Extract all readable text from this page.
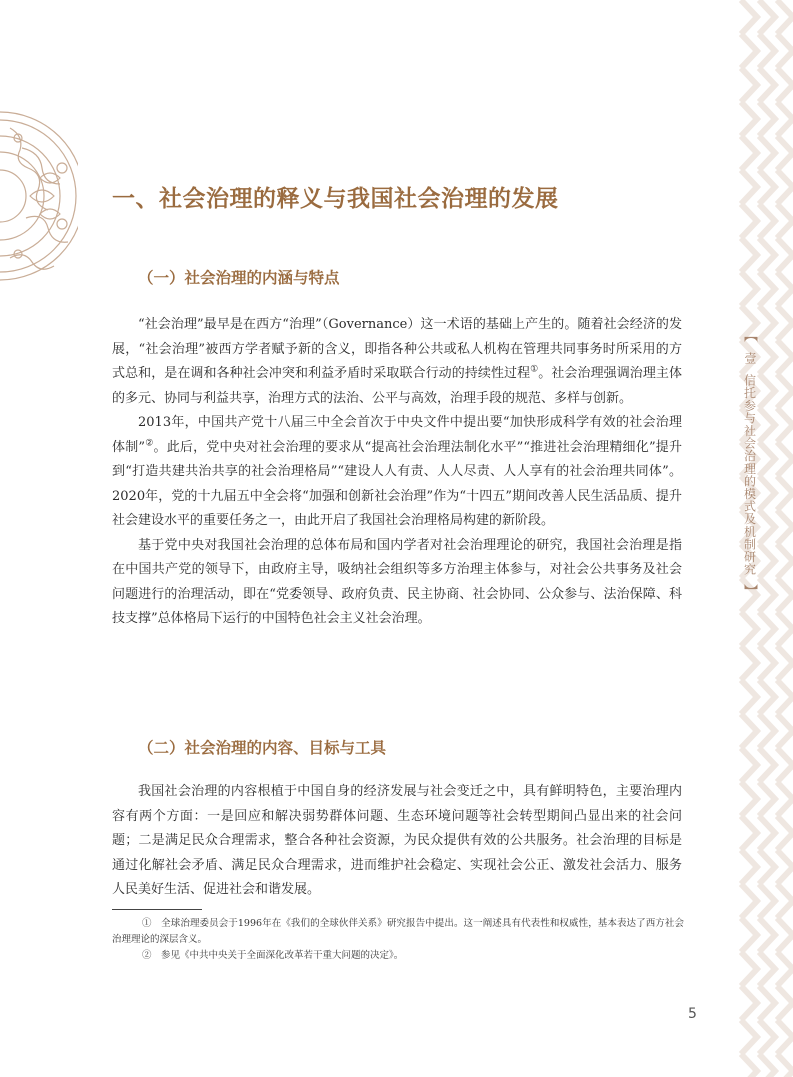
【
壹
信托参与社会治理的模式及机制研究
】
一、社会治理的释义与我国社会治理的发展
（一）社会治理的内涵与特点

“社会治理”最早是在西方“治理”（Governance）这一术语的基础上产生的。随着社会经济的发展，“社会治理”被西方学者赋予新的含义，即指各种公共或私人机构在管理共同事务时所采用的方式总和，是在调和各种社会冲突和利益矛盾时采取联合行动的持续性过程①。社会治理强调治理主体的多元、协同与利益共享，治理方式的法治、公平与高效，治理手段的规范、多样与创新。

2013年，中国共产党十八届三中全会首次于中央文件中提出要“加快形成科学有效的社会治理体制”②。此后，党中央对社会治理的要求从“提高社会治理法制化水平”“推进社会治理精细化”提升到“打造共建共治共享的社会治理格局”“建设人人有责、人人尽责、人人享有的社会治理共同体”。2020年，党的十九届五中全会将“加强和创新社会治理”作为“十四五”期间改善人民生活品质、提升社会建设水平的重要任务之一，由此开启了我国社会治理格局构建的新阶段。

基于党中央对我国社会治理的总体布局和国内学者对社会治理理论的研究，我国社会治理是指在中国共产党的领导下，由政府主导，吸纳社会组织等多方治理主体参与，对社会公共事务及社会问题进行的治理活动，即在“党委领导、政府负责、民主协商、社会协同、公众参与、法治保障、科技支撑”总体格局下运行的中国特色社会主义社会治理。

（二）社会治理的内容、目标与工具

我国社会治理的内容根植于中国自身的经济发展与社会变迁之中，具有鲜明特色，主要治理内容有两个方面：一是回应和解决弱势群体问题、生态环境问题等社会转型期间凸显出来的社会问题；二是满足民众合理需求，整合各种社会资源，为民众提供有效的公共服务。社会治理的目标是通过化解社会矛盾、满足民众合理需求，进而维护社会稳定、实现社会公正、激发社会活力、服务人民美好生活、促进社会和谐发展。

①　全球治理委员会于1996年在《我们的全球伙伴关系》研究报告中提出。这一阐述具有代表性和权威性，基本表达了西方社会治理理论的深层含义。

②　参见《中共中央关于全面深化改革若干重大问题的决定》。

5
